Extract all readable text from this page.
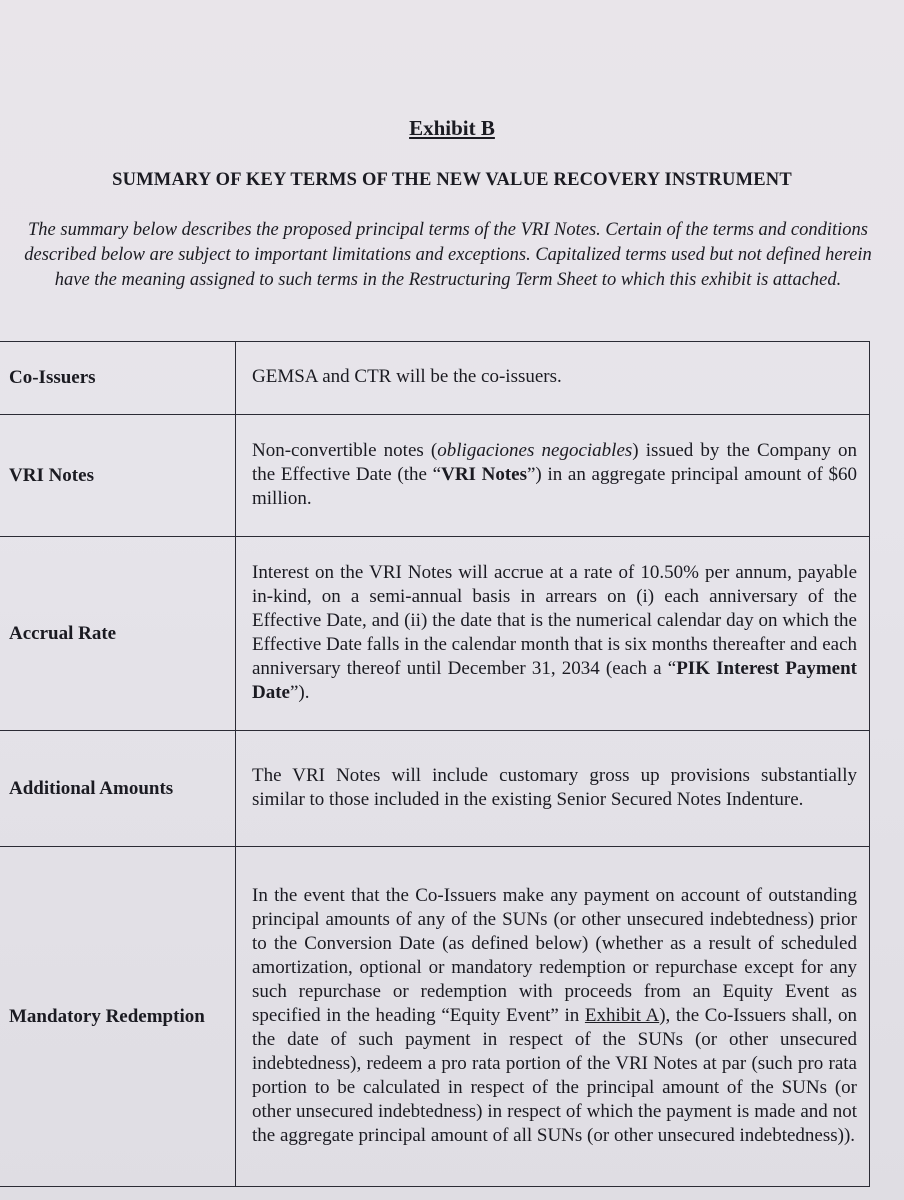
Exhibit B
SUMMARY OF KEY TERMS OF THE NEW VALUE RECOVERY INSTRUMENT
The summary below describes the proposed principal terms of the VRI Notes. Certain of the terms and conditions described below are subject to important limitations and exceptions. Capitalized terms used but not defined herein have the meaning assigned to such terms in the Restructuring Term Sheet to which this exhibit is attached.
Co-Issuers	GEMSA and CTR will be the co-issuers.
VRI Notes	Non-convertible notes (obligaciones negociables) issued by the Company on the Effective Date (the “VRI Notes”) in an aggregate principal amount of $60 million.
Accrual Rate	Interest on the VRI Notes will accrue at a rate of 10.50% per annum, payable in-kind, on a semi-annual basis in arrears on (i) each anniversary of the Effective Date, and (ii) the date that is the numerical calendar day on which the Effective Date falls in the calendar month that is six months thereafter and each anniversary thereof until December 31, 2034 (each a “PIK Interest Payment Date”).
Additional Amounts	The VRI Notes will include customary gross up provisions substantially similar to those included in the existing Senior Secured Notes Indenture.
Mandatory Redemption	In the event that the Co-Issuers make any payment on account of outstanding principal amounts of any of the SUNs (or other unsecured indebtedness) prior to the Conversion Date (as defined below) (whether as a result of scheduled amortization, optional or mandatory redemption or repurchase except for any such repurchase or redemption with proceeds from an Equity Event as specified in the heading “Equity Event” in Exhibit A), the Co-Issuers shall, on the date of such payment in respect of the SUNs (or other unsecured indebtedness), redeem a pro rata portion of the VRI Notes at par (such pro rata portion to be calculated in respect of the principal amount of the SUNs (or other unsecured indebtedness) in respect of which the payment is made and not the aggregate principal amount of all SUNs (or other unsecured indebtedness)).
